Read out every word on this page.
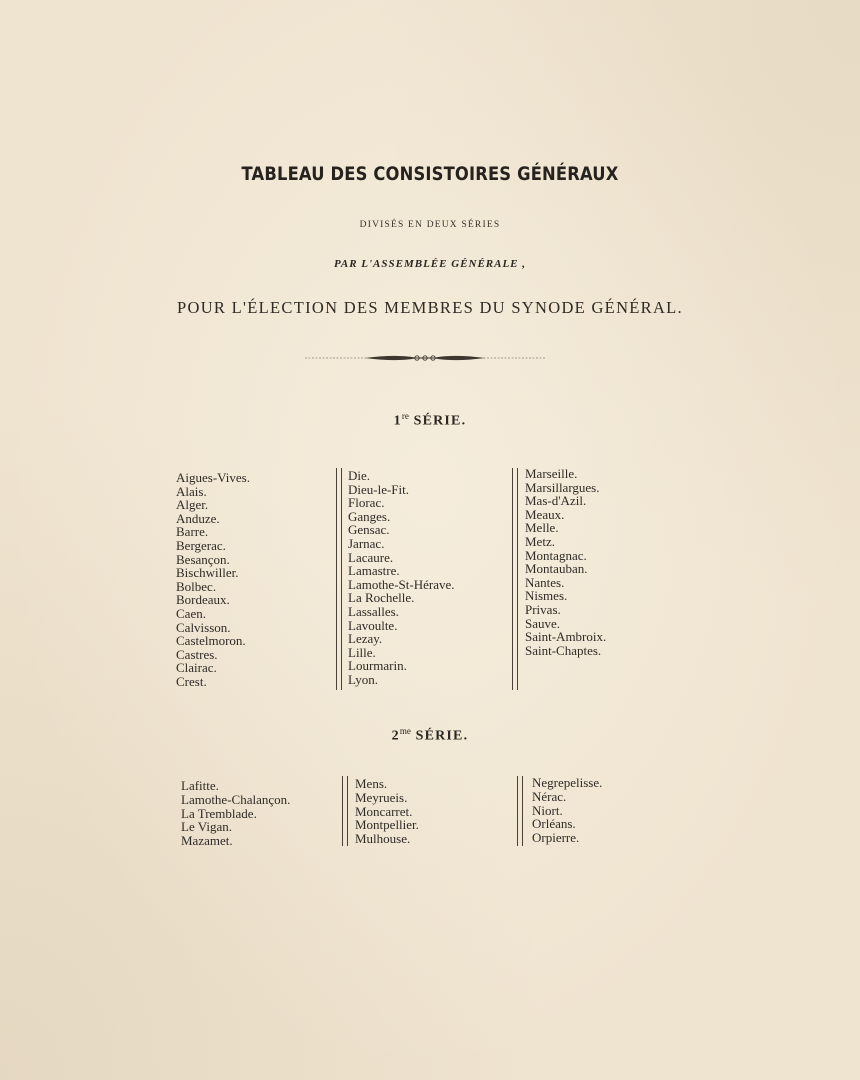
TABLEAU DES CONSISTOIRES GÉNÉRAUX
DIVISÉS EN DEUX SÉRIES
PAR L'ASSEMBLÉE GÉNÉRALE ,
POUR L'ÉLECTION DES MEMBRES DU SYNODE GÉNÉRAL.
1re SÉRIE.
Aigues-Vives.
Alais.
Alger.
Anduze.
Barre.
Bergerac.
Besançon.
Bischwiller.
Bolbec.
Bordeaux.
Caen.
Calvisson.
Castelmoron.
Castres.
Clairac.
Crest.
Die.
Dieu-le-Fit.
Florac.
Ganges.
Gensac.
Jarnac.
Lacaure.
Lamastre.
Lamothe-St-Hérave.
La Rochelle.
Lassalles.
Lavoulte.
Lezay.
Lille.
Lourmarin.
Lyon.
Marseille.
Marsillargues.
Mas-d'Azil.
Meaux.
Melle.
Metz.
Montagnac.
Montauban.
Nantes.
Nismes.
Privas.
Sauve.
Saint-Ambroix.
Saint-Chaptes.
$2^{me}$ SÉRIE.
Lafitte.
Lamothe-Chalançon.
La Tremblade.
Le Vigan.
Mazamet.
Mens.
Meyrueis.
Moncarret.
Montpellier.
Mulhouse.
Negrepelisse.
Nérac.
Niort.
Orléans.
Orpierre.
